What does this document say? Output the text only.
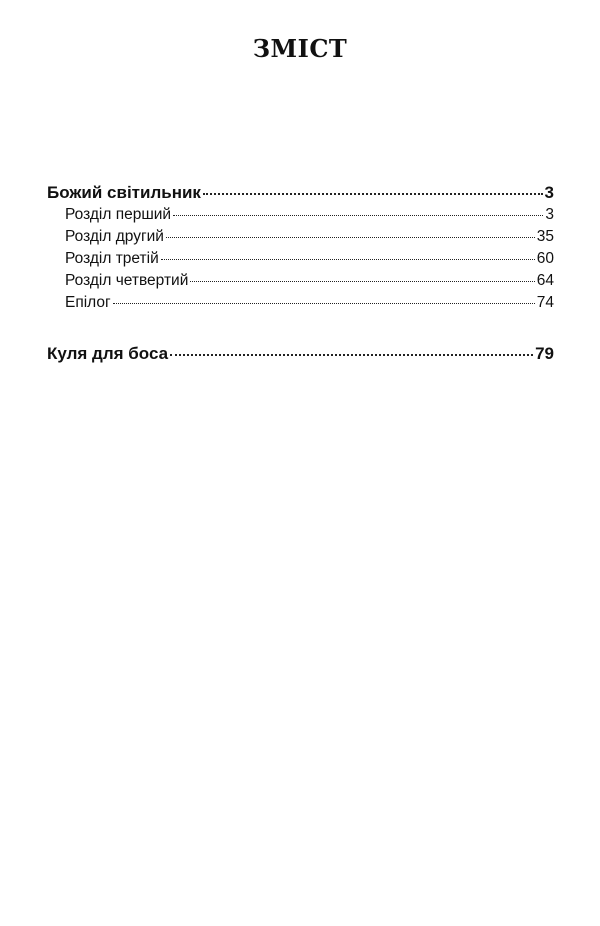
ЗМІСТ
Божий світильник	3
Розділ перший	3
Розділ другий	35
Розділ третій	60
Розділ четвертий	64
Епілог	74
Куля для боса	79
